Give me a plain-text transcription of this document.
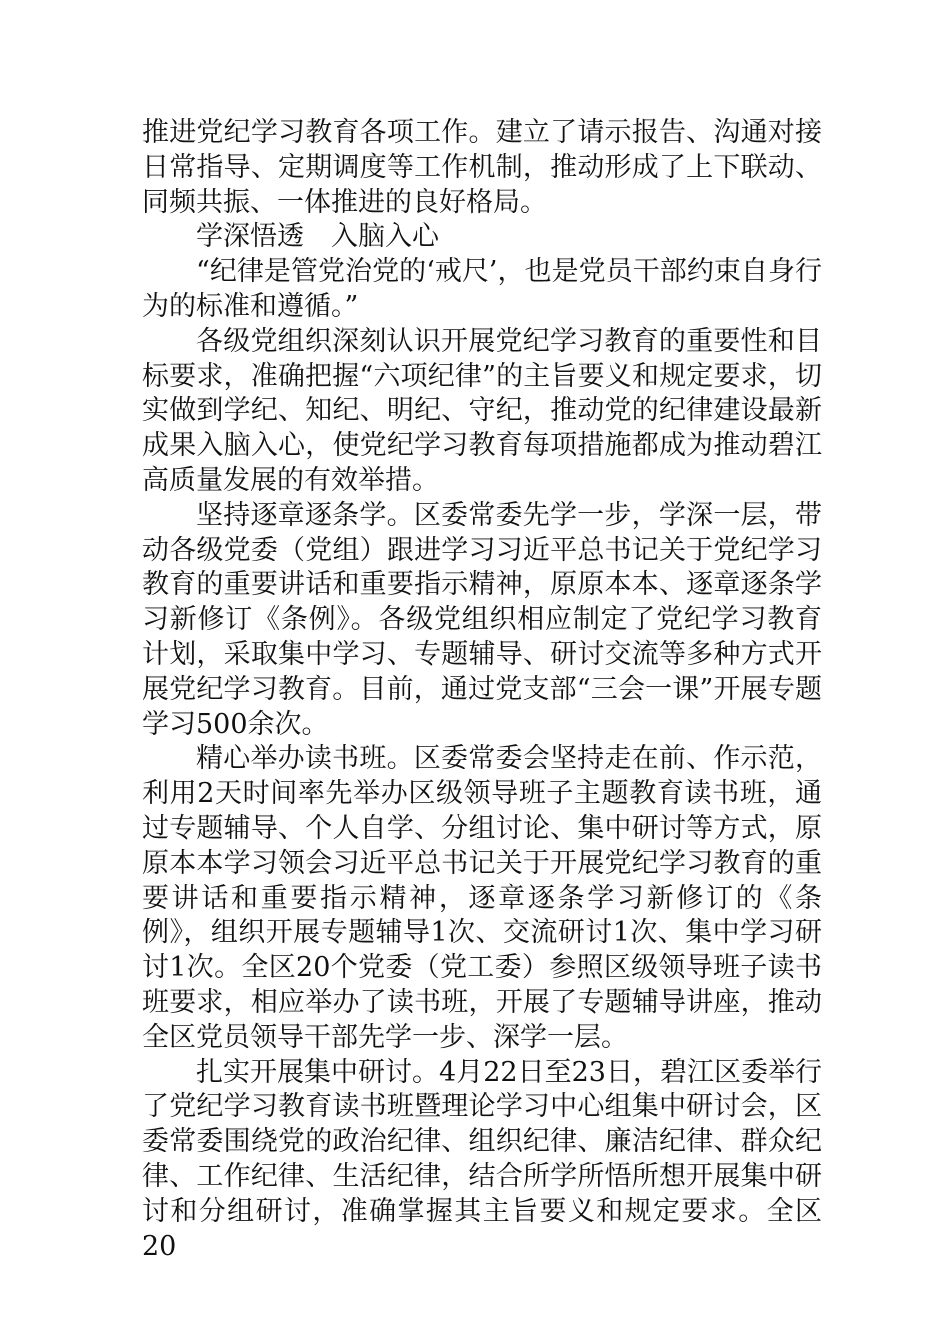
推进党纪学习教育各项工作。建立了请示报告、沟通对接日常指导、定期调度等工作机制，推动形成了上下联动、同频共振、一体推进的良好格局。

学深悟透　入脑入心

“纪律是管党治党的‘戒尺’，也是党员干部约束自身行为的标准和遵循。”

各级党组织深刻认识开展党纪学习教育的重要性和目标要求，准确把握“六项纪律”的主旨要义和规定要求，切实做到学纪、知纪、明纪、守纪，推动党的纪律建设最新成果入脑入心，使党纪学习教育每项措施都成为推动碧江高质量发展的有效举措。

坚持逐章逐条学。区委常委先学一步，学深一层，带动各级党委（党组）跟进学习习近平总书记关于党纪学习教育的重要讲话和重要指示精神，原原本本、逐章逐条学习新修订《条例》。各级党组织相应制定了党纪学习教育计划，采取集中学习、专题辅导、研讨交流等多种方式开展党纪学习教育。目前，通过党支部“三会一课”开展专题学习500余次。

精心举办读书班。区委常委会坚持走在前、作示范，利用2天时间率先举办区级领导班子主题教育读书班，通过专题辅导、个人自学、分组讨论、集中研讨等方式，原原本本学习领会习近平总书记关于开展党纪学习教育的重要讲话和重要指示精神，逐章逐条学习新修订的《条例》，组织开展专题辅导1次、交流研讨1次、集中学习研讨1次。全区20个党委（党工委）参照区级领导班子读书班要求，相应举办了读书班，开展了专题辅导讲座，推动全区党员领导干部先学一步、深学一层。

扎实开展集中研讨。4月22日至23日，碧江区委举行了党纪学习教育读书班暨理论学习中心组集中研讨会，区委常委围绕党的政治纪律、组织纪律、廉洁纪律、群众纪律、工作纪律、生活纪律，结合所学所悟所想开展集中研讨和分组研讨，准确掌握其主旨要义和规定要求。全区20
